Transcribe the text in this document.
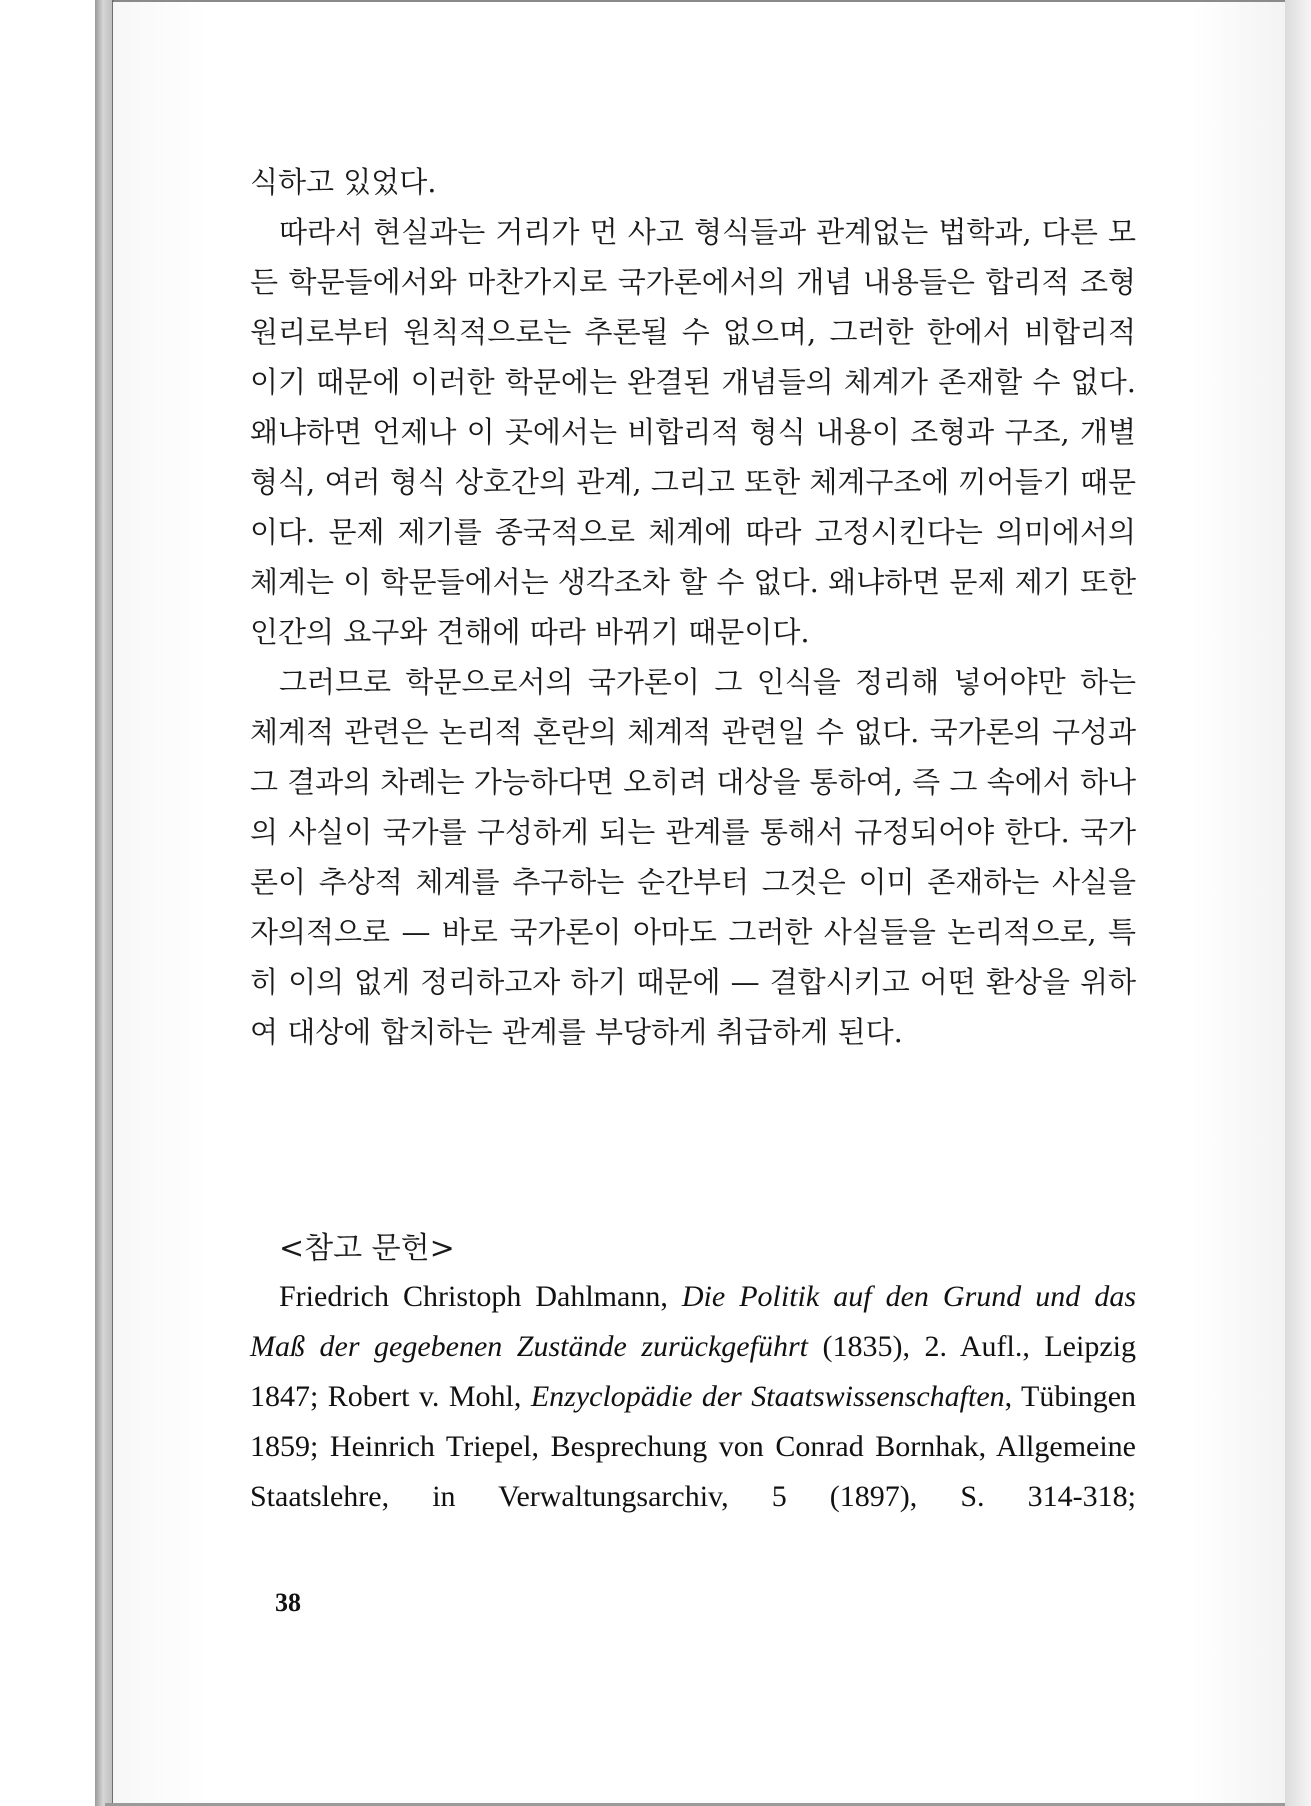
식하고 있었다.

따라서 현실과는 거리가 먼 사고 형식들과 관계없는 법학과, 다른 모든 학문들에서와 마찬가지로 국가론에서의 개념 내용들은 합리적 조형 원리로부터 원칙적으로는 추론될 수 없으며, 그러한 한에서 비합리적이기 때문에 이러한 학문에는 완결된 개념들의 체계가 존재할 수 없다. 왜냐하면 언제나 이 곳에서는 비합리적 형식 내용이 조형과 구조, 개별 형식, 여러 형식 상호간의 관계, 그리고 또한 체계구조에 끼어들기 때문이다. 문제 제기를 종국적으로 체계에 따라 고정시킨다는 의미에서의 체계는 이 학문들에서는 생각조차 할 수 없다. 왜냐하면 문제 제기 또한 인간의 요구와 견해에 따라 바뀌기 때문이다.

그러므로 학문으로서의 국가론이 그 인식을 정리해 넣어야만 하는 체계적 관련은 논리적 혼란의 체계적 관련일 수 없다. 국가론의 구성과 그 결과의 차례는 가능하다면 오히려 대상을 통하여, 즉 그 속에서 하나의 사실이 국가를 구성하게 되는 관계를 통해서 규정되어야 한다. 국가론이 추상적 체계를 추구하는 순간부터 그것은 이미 존재하는 사실을 자의적으로 — 바로 국가론이 아마도 그러한 사실들을 논리적으로, 특히 이의 없게 정리하고자 하기 때문에 — 결합시키고 어떤 환상을 위하여 대상에 합치하는 관계를 부당하게 취급하게 된다.

<참고 문헌>

Friedrich Christoph Dahlmann, Die Politik auf den Grund und das Maß der gegebenen Zustände zurückgeführt (1835), 2. Aufl., Leipzig 1847; Robert v. Mohl, Enzyclopädie der Staatswissenschaften, Tübingen 1859; Heinrich Triepel, Besprechung von Conrad Bornhak, Allgemeine Staatslehre, in Verwaltungsarchiv, 5 (1897), S. 314-318;

38
